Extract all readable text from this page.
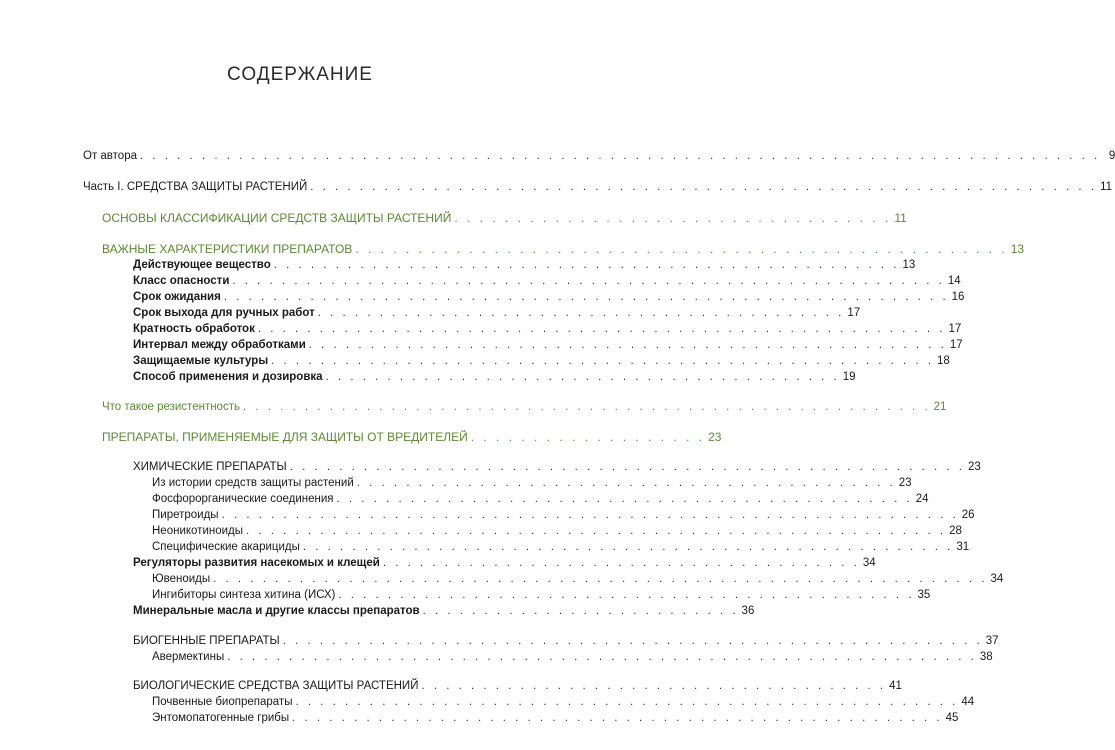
СОДЕРЖАНИЕ
От автора . . . . . . . . . . . . . . . . . . . . . . . . . . . . . . . . . . . . . . . . . . . . . . . . . . . . . . . . . . . . . . . . . . . . . . . . . . . . . . 9
Часть I. СРЕДСТВА ЗАЩИТЫ РАСТЕНИЙ . . . . . . . . . . . . . . . . . . . . . . . . . . . . . . . . . . . . . . . . . . . . . . . . . . . . . . . . . . . . . . . . 11
ОСНОВЫ КЛАССИФИКАЦИИ СРЕДСТВ ЗАЩИТЫ РАСТЕНИЙ . . . . . . . . . . . . . . . . . . . . . . . . . . . . . . . . . . . 11
ВАЖНЫЕ ХАРАКТЕРИСТИКИ ПРЕПАРАТОВ . . . . . . . . . . . . . . . . . . . . . . . . . . . . . . . . . . . . . . . . . . . . . . . . . . . . 13
Действующее вещество . . . . . . . . . . . . . . . . . . . . . . . . . . . . . . . . . . . . . . . . . . . . . . . . . . . 13
Класс опасности . . . . . . . . . . . . . . . . . . . . . . . . . . . . . . . . . . . . . . . . . . . . . . . . . . . . . . . . . . 14
Срок ожидания . . . . . . . . . . . . . . . . . . . . . . . . . . . . . . . . . . . . . . . . . . . . . . . . . . . . . . . . . . . 16
Срок выхода для ручных работ . . . . . . . . . . . . . . . . . . . . . . . . . . . . . . . . . . . . . . . . . . . 17
Кратность обработок . . . . . . . . . . . . . . . . . . . . . . . . . . . . . . . . . . . . . . . . . . . . . . . . . . . . . . . . 17
Интервал между обработками . . . . . . . . . . . . . . . . . . . . . . . . . . . . . . . . . . . . . . . . . . . . . . . . . . . . 17
Защищаемые культуры . . . . . . . . . . . . . . . . . . . . . . . . . . . . . . . . . . . . . . . . . . . . . . . . . . . . . . 18
Способ применения и дозировка . . . . . . . . . . . . . . . . . . . . . . . . . . . . . . . . . . . . . . . . . . 19
Что такое резистентность . . . . . . . . . . . . . . . . . . . . . . . . . . . . . . . . . . . . . . . . . . . . . . . . . . . . . . . . 21
ПРЕПАРАТЫ, ПРИМЕНЯЕМЫЕ ДЛЯ ЗАЩИТЫ ОТ ВРЕДИТЕЛЕЙ . . . . . . . . . . . . . . . . . . . 23
ХИМИЧЕСКИЕ ПРЕПАРАТЫ . . . . . . . . . . . . . . . . . . . . . . . . . . . . . . . . . . . . . . . . . . . . . . . . . . . . . . . 23
Из истории средств защиты растений . . . . . . . . . . . . . . . . . . . . . . . . . . . . . . . . . . . . . . . . . . . . 23
Фосфорорганические соединения . . . . . . . . . . . . . . . . . . . . . . . . . . . . . . . . . . . . . . . . . . . . . . . 24
Пиретроиды . . . . . . . . . . . . . . . . . . . . . . . . . . . . . . . . . . . . . . . . . . . . . . . . . . . . . . . . . . . . 26
Неоникотиноиды . . . . . . . . . . . . . . . . . . . . . . . . . . . . . . . . . . . . . . . . . . . . . . . . . . . . . . . . . 28
Специфические акарициды . . . . . . . . . . . . . . . . . . . . . . . . . . . . . . . . . . . . . . . . . . . . . . . . . . . . . 31
Регуляторы развития насекомых и клещей . . . . . . . . . . . . . . . . . . . . . . . . . . . . . . . . . . . . . . . 34
Ювеноиды . . . . . . . . . . . . . . . . . . . . . . . . . . . . . . . . . . . . . . . . . . . . . . . . . . . . . . . . . . . . . . . 34
Ингибиторы синтеза хитина (ИСХ) . . . . . . . . . . . . . . . . . . . . . . . . . . . . . . . . . . . . . . . . . . . . . . . 35
Минеральные масла и другие классы препаратов . . . . . . . . . . . . . . . . . . . . . . . . . . 36
БИОГЕННЫЕ ПРЕПАРАТЫ . . . . . . . . . . . . . . . . . . . . . . . . . . . . . . . . . . . . . . . . . . . . . . . . . . . . . . . . . 37
Авермектины . . . . . . . . . . . . . . . . . . . . . . . . . . . . . . . . . . . . . . . . . . . . . . . . . . . . . . . . . . . . . 38
БИОЛОГИЧЕСКИЕ СРЕДСТВА ЗАЩИТЫ РАСТЕНИЙ . . . . . . . . . . . . . . . . . . . . . . . . . . . . . . . . . . . . . . 41
Почвенные биопрепараты . . . . . . . . . . . . . . . . . . . . . . . . . . . . . . . . . . . . . . . . . . . . . . . . . . . . . . 44
Энтомопатогенные грибы . . . . . . . . . . . . . . . . . . . . . . . . . . . . . . . . . . . . . . . . . . . . . . . . . . . . . 45
